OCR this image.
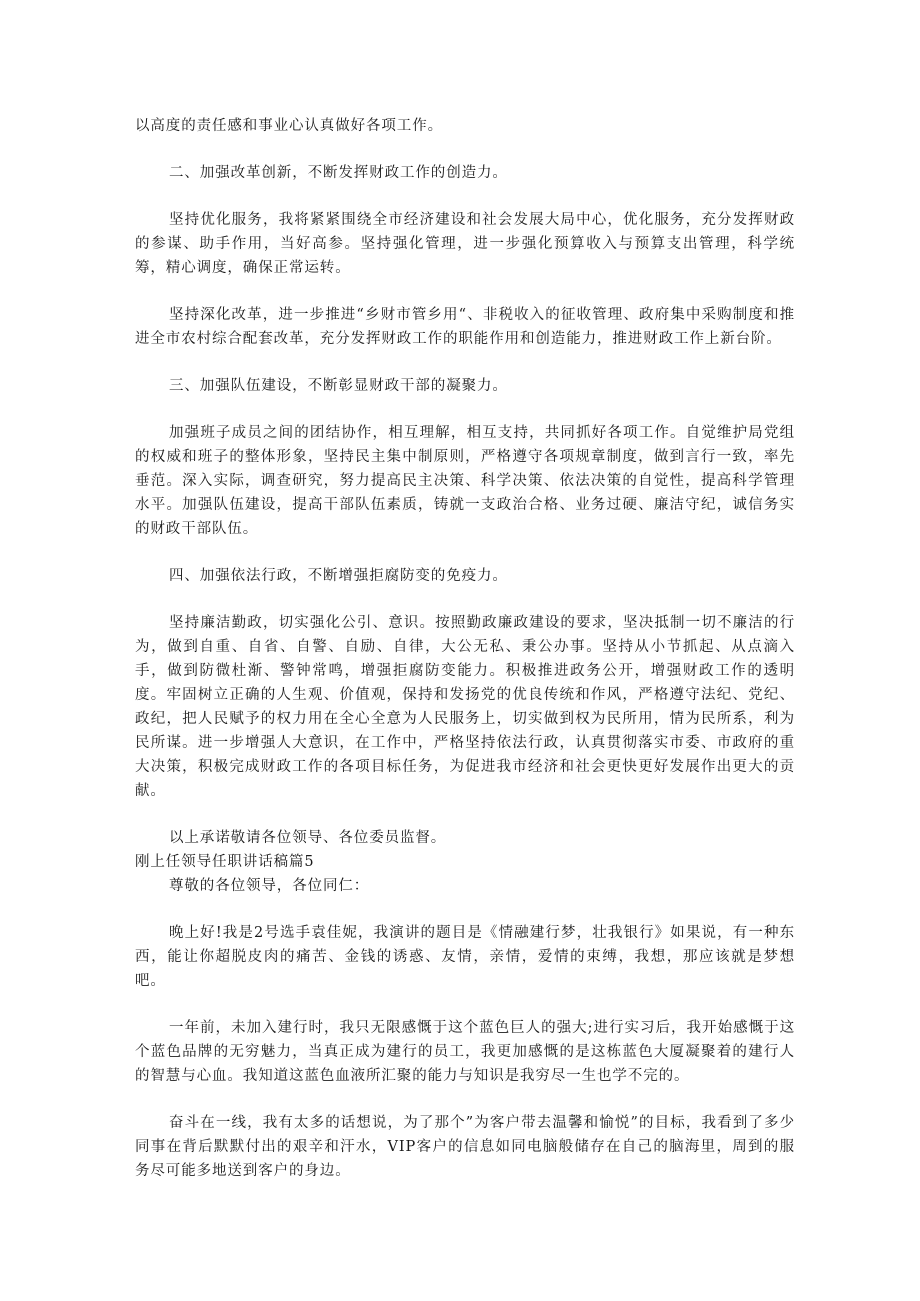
以高度的责任感和事业心认真做好各项工作。

二、加强改革创新，不断发挥财政工作的创造力。

坚持优化服务，我将紧紧围绕全市经济建设和社会发展大局中心，优化服务，充分发挥财政的参谋、助手作用，当好高参。坚持强化管理，进一步强化预算收入与预算支出管理，科学统筹，精心调度，确保正常运转。

坚持深化改革，进一步推进“乡财市管乡用“、非税收入的征收管理、政府集中采购制度和推进全市农村综合配套改革，充分发挥财政工作的职能作用和创造能力，推进财政工作上新台阶。

三、加强队伍建设，不断彰显财政干部的凝聚力。

加强班子成员之间的团结协作，相互理解，相互支持，共同抓好各项工作。自觉维护局党组的权威和班子的整体形象，坚持民主集中制原则，严格遵守各项规章制度，做到言行一致，率先垂范。深入实际，调查研究，努力提高民主决策、科学决策、依法决策的自觉性，提高科学管理水平。加强队伍建设，提高干部队伍素质，铸就一支政治合格、业务过硬、廉洁守纪，诚信务实的财政干部队伍。

四、加强依法行政，不断增强拒腐防变的免疫力。

坚持廉洁勤政，切实强化公引、意识。按照勤政廉政建设的要求，坚决抵制一切不廉洁的行为，做到自重、自省、自警、自励、自律，大公无私、秉公办事。坚持从小节抓起、从点滴入手，做到防微杜渐、警钟常鸣，增强拒腐防变能力。积极推进政务公开，增强财政工作的透明度。牢固树立正确的人生观、价值观，保持和发扬党的优良传统和作风，严格遵守法纪、党纪、政纪，把人民赋予的权力用在全心全意为人民服务上，切实做到权为民所用，情为民所系，利为民所谋。进一步增强人大意识，在工作中，严格坚持依法行政，认真贯彻落实市委、市政府的重大决策，积极完成财政工作的各项目标任务，为促进我市经济和社会更快更好发展作出更大的贡献。

以上承诺敬请各位领导、各位委员监督。

刚上任领导任职讲话稿篇5

尊敬的各位领导，各位同仁：

晚上好!我是2号选手袁佳妮，我演讲的题目是《情融建行梦，壮我银行》如果说，有一种东西，能让你超脱皮肉的痛苦、金钱的诱惑、友情，亲情，爱情的束缚，我想，那应该就是梦想吧。

一年前，未加入建行时，我只无限感慨于这个蓝色巨人的强大;进行实习后，我开始感慨于这个蓝色品牌的无穷魅力，当真正成为建行的员工，我更加感慨的是这栋蓝色大厦凝聚着的建行人的智慧与心血。我知道这蓝色血液所汇聚的能力与知识是我穷尽一生也学不完的。

奋斗在一线，我有太多的话想说，为了那个”为客户带去温馨和愉悦”的目标，我看到了多少同事在背后默默付出的艰辛和汗水，VIP客户的信息如同电脑般储存在自己的脑海里，周到的服务尽可能多地送到客户的身边。
